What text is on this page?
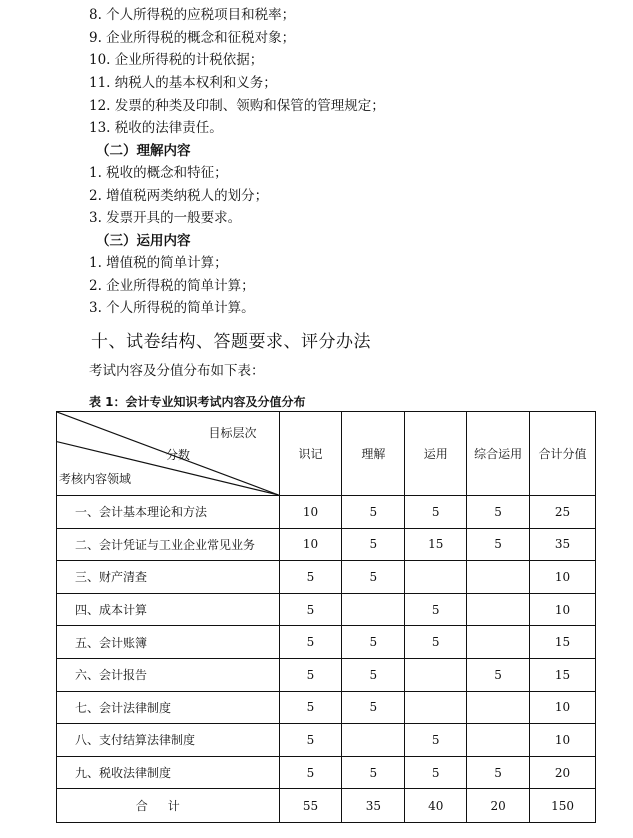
8. 个人所得税的应税项目和税率；
9. 企业所得税的概念和征税对象；
10. 企业所得税的计税依据；
11. 纳税人的基本权利和义务；
12. 发票的种类及印制、领购和保管的管理规定；
13. 税收的法律责任。
（二）理解内容
1. 税收的概念和特征；
2. 增值税两类纳税人的划分；
3. 发票开具的一般要求。
（三）运用内容
1. 增值税的简单计算；
2. 企业所得税的简单计算；
3. 个人所得税的简单计算。
十、试卷结构、答题要求、评分办法
考试内容及分值分布如下表：
表 1：会计专业知识考试内容及分值分布
目标层次
分数
考核内容领域	识记	理解	运用	综合运用	合计分值
一、会计基本理论和方法	10	5	5	5	25
二、会计凭证与工业企业常见业务	10	5	15	5	35
三、财产清查	5	5			10
四、成本计算	5		5		10
五、会计账簿	5	5	5		15
六、会计报告	5	5		5	15
七、会计法律制度	5	5			10
八、支付结算法律制度	5		5		10
九、税收法律制度	5	5	5	5	20
合计	55	35	40	20	150
